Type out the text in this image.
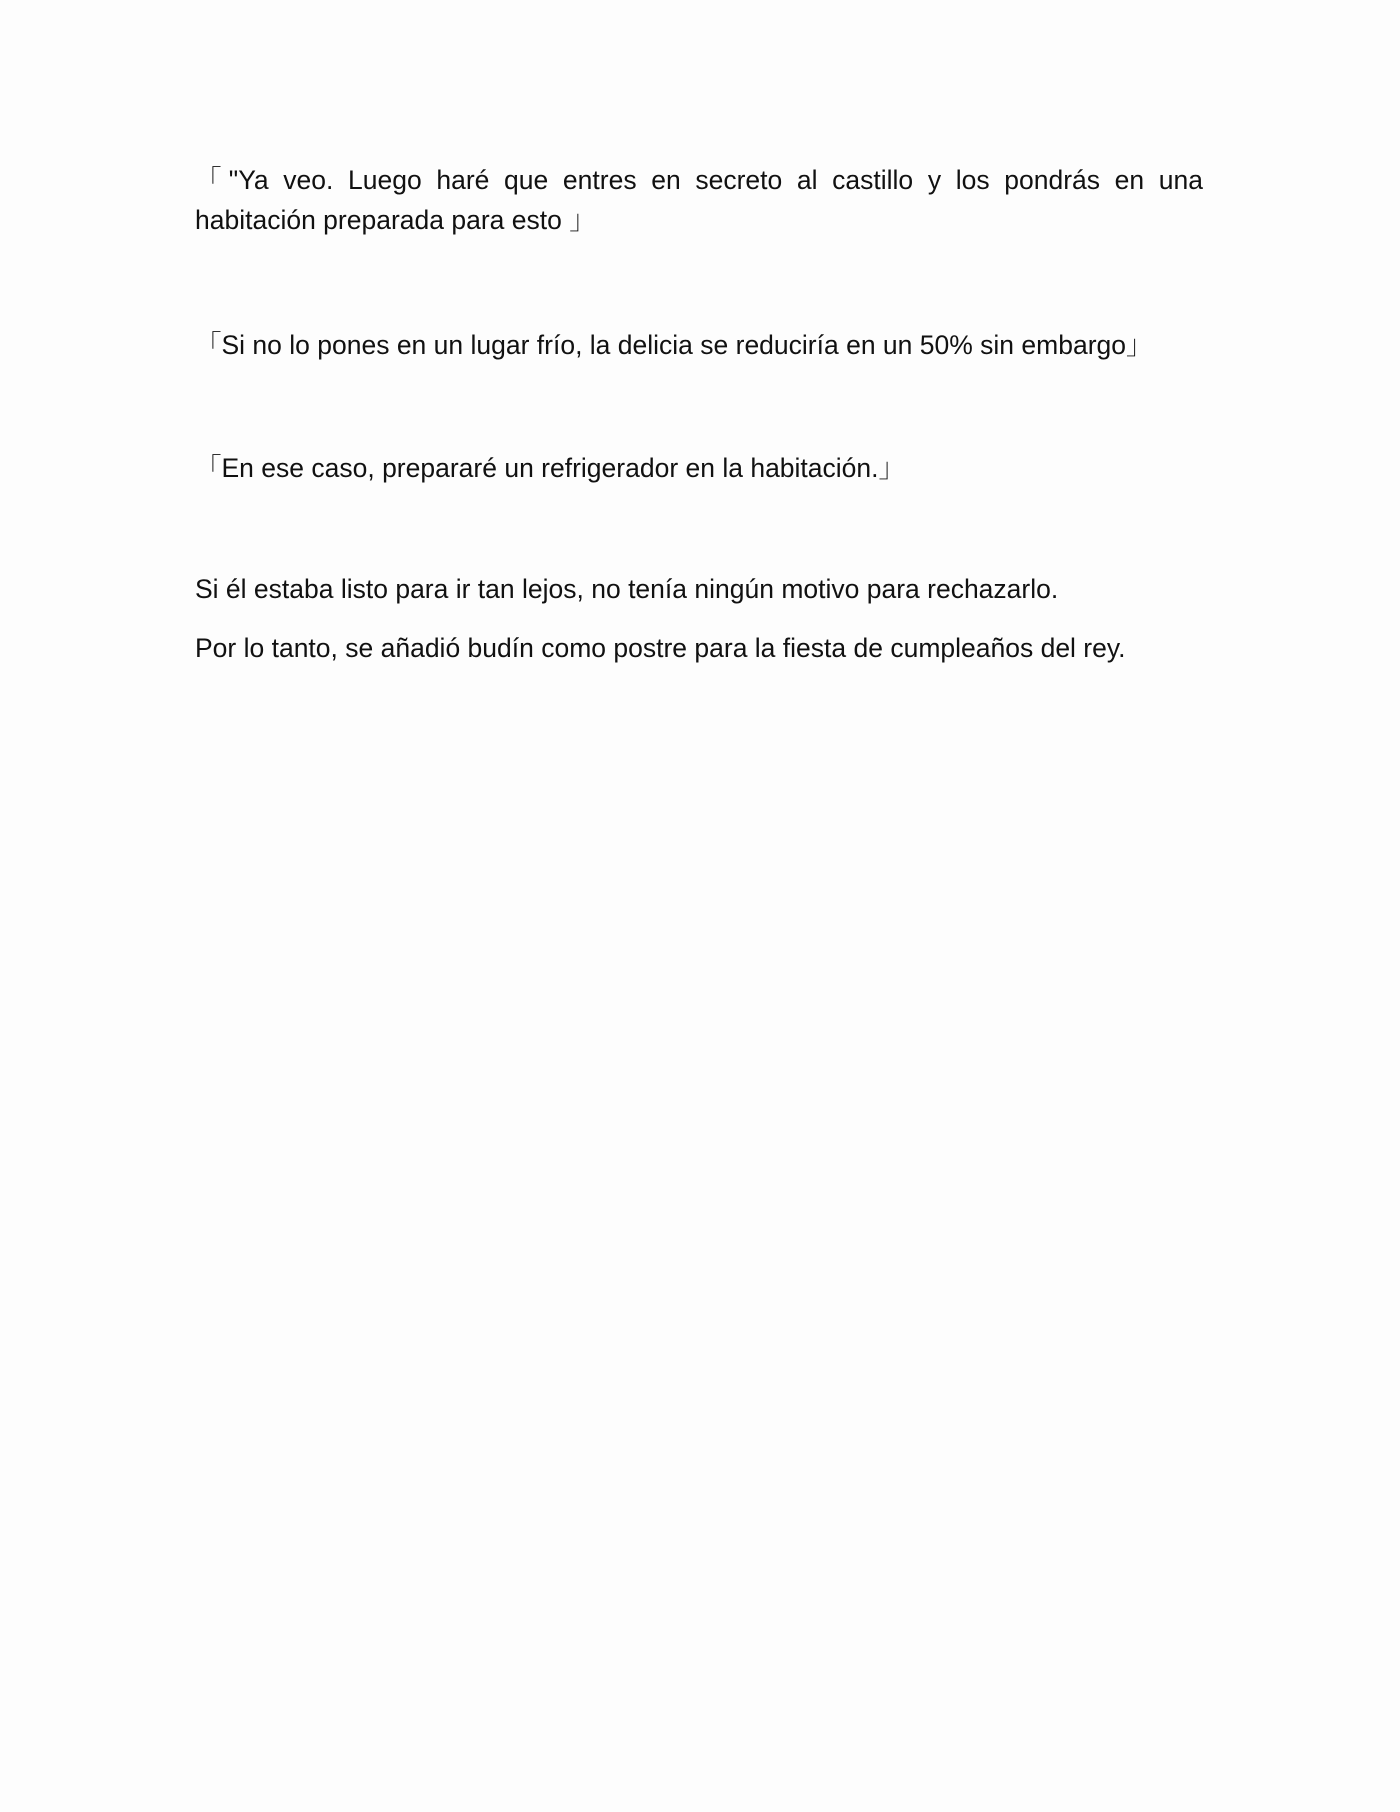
「"Ya veo. Luego haré que entres en secreto al castillo y los pondrás en una habitación preparada para esto 」

「Si no lo pones en un lugar frío, la delicia se reduciría en un 50% sin embargo」

「En ese caso, prepararé un refrigerador en la habitación.」

Si él estaba listo para ir tan lejos, no tenía ningún motivo para rechazarlo.

Por lo tanto, se añadió budín como postre para la fiesta de cumpleaños del rey.
